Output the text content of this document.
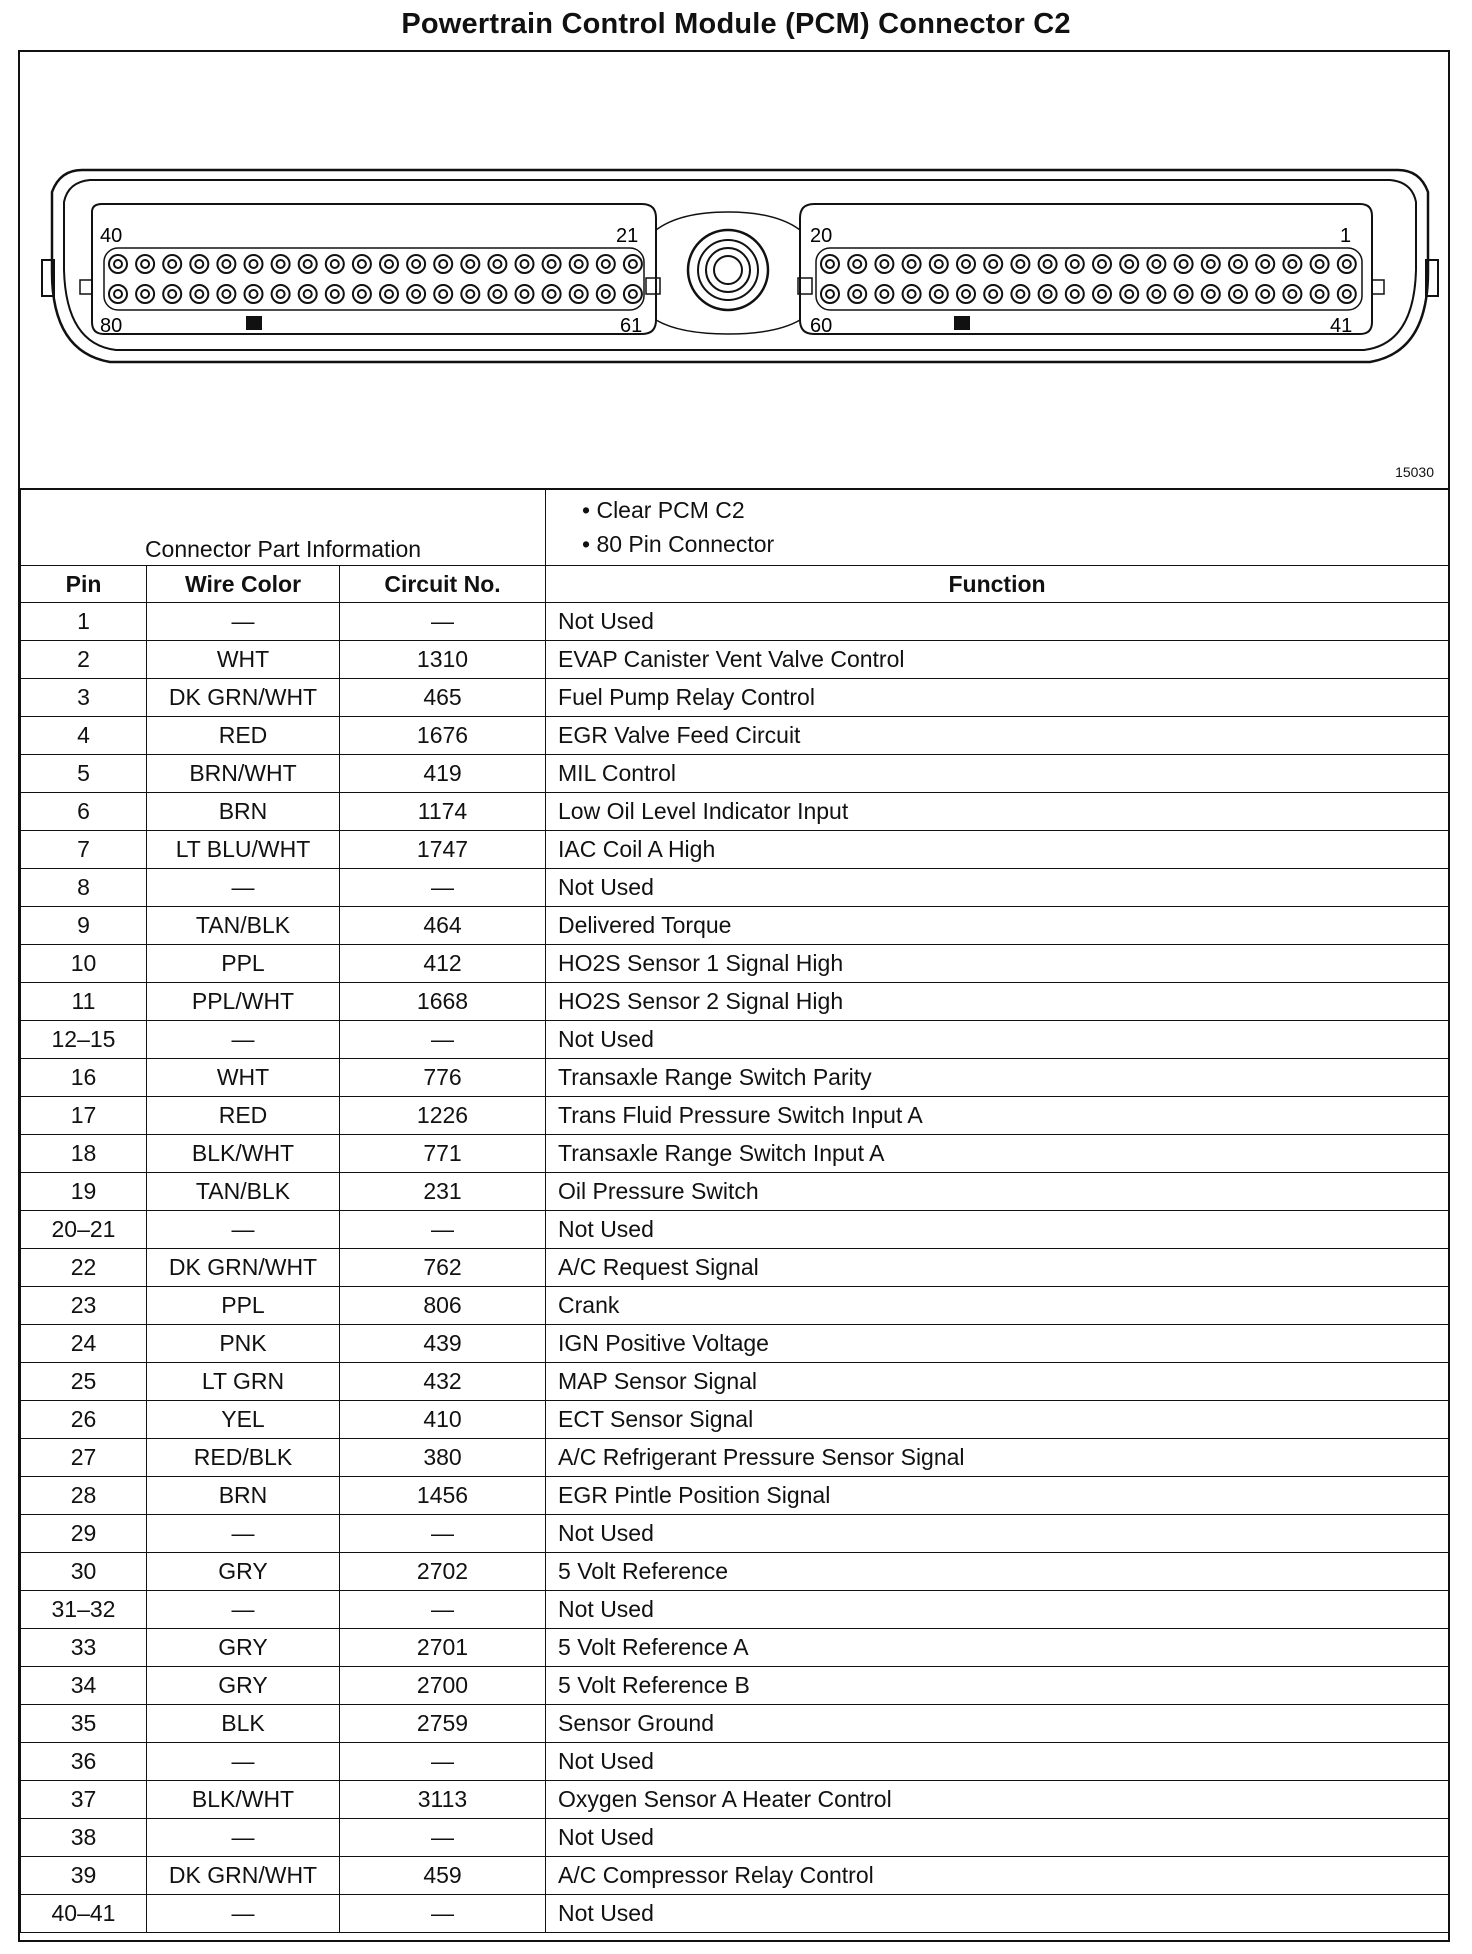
Powertrain Control Module (PCM) Connector C2
40	21
80	61
20	1
60	41
15030
Connector Part Information			• Clear PCM C2
• 80 Pin Connector

Pin	Wire Color	Circuit No.	Function
1	—	—	Not Used
2	WHT	1310	EVAP Canister Vent Valve Control
3	DK GRN/WHT	465	Fuel Pump Relay Control
4	RED	1676	EGR Valve Feed Circuit
5	BRN/WHT	419	MIL Control
6	BRN	1174	Low Oil Level Indicator Input
7	LT BLU/WHT	1747	IAC Coil A High
8	—	—	Not Used
9	TAN/BLK	464	Delivered Torque
10	PPL	412	HO2S Sensor 1 Signal High
11	PPL/WHT	1668	HO2S Sensor 2 Signal High
12–15	—	—	Not Used
16	WHT	776	Transaxle Range Switch Parity
17	RED	1226	Trans Fluid Pressure Switch Input A
18	BLK/WHT	771	Transaxle Range Switch Input A
19	TAN/BLK	231	Oil Pressure Switch
20–21	—	—	Not Used
22	DK GRN/WHT	762	A/C Request Signal
23	PPL	806	Crank
24	PNK	439	IGN Positive Voltage
25	LT GRN	432	MAP Sensor Signal
26	YEL	410	ECT Sensor Signal
27	RED/BLK	380	A/C Refrigerant Pressure Sensor Signal
28	BRN	1456	EGR Pintle Position Signal
29	—	—	Not Used
30	GRY	2702	5 Volt Reference
31–32	—	—	Not Used
33	GRY	2701	5 Volt Reference A
34	GRY	2700	5 Volt Reference B
35	BLK	2759	Sensor Ground
36	—	—	Not Used
37	BLK/WHT	3113	Oxygen Sensor A Heater Control
38	—	—	Not Used
39	DK GRN/WHT	459	A/C Compressor Relay Control
40–41	—	—	Not Used
